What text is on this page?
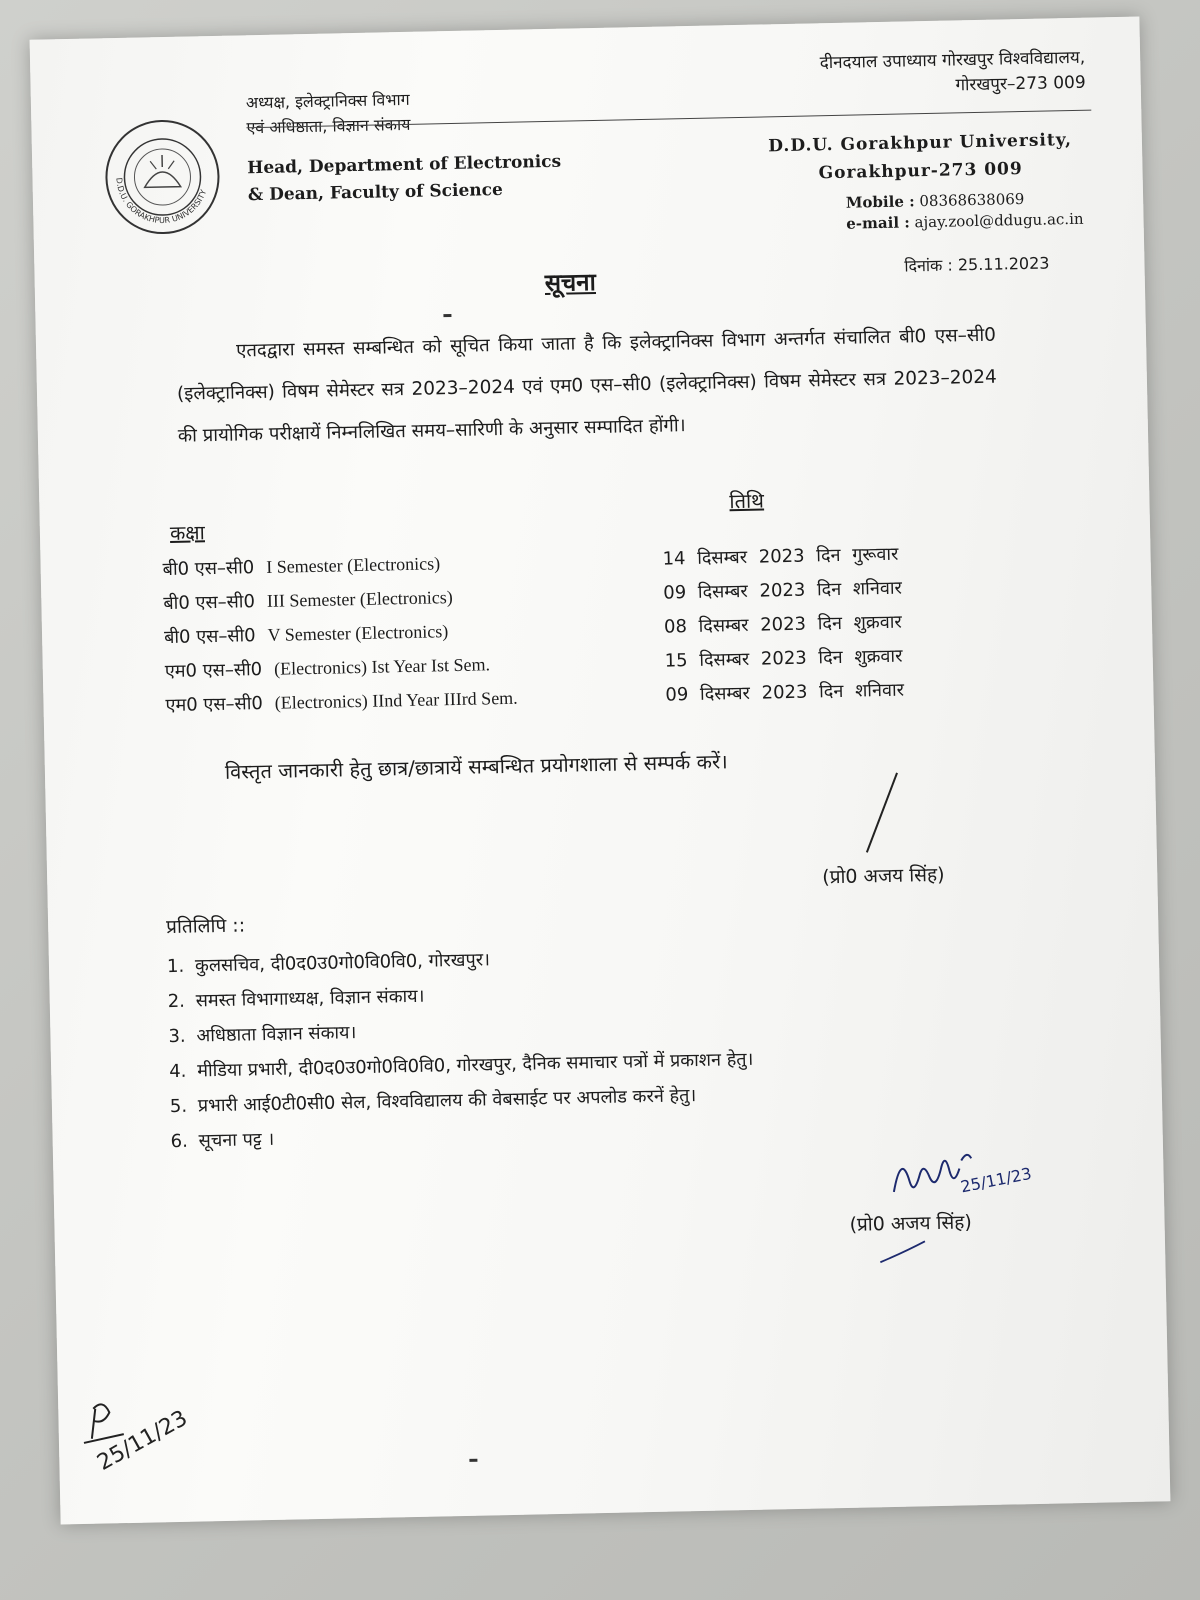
D.D.U. GORAKHPUR UNIVERSITY
अध्यक्ष, इलेक्ट्रानिक्स विभाग
एवं अधिष्ठाता, विज्ञान संकाय
Head, Department of Electronics
& Dean, Faculty of Science
दीनदयाल उपाध्याय गोरखपुर विश्वविद्यालय,
गोरखपुर–273 009
D.D.U. Gorakhpur University,
Gorakhpur-273 009
Mobile : 08368638069
e-mail : ajay.zool@ddugu.ac.in
सूचना
दिनांक : 25.11.2023

एतदद्वारा समस्त सम्बन्धित को सूचित किया जाता है कि इलेक्ट्रानिक्स विभाग अन्तर्गत संचालित बी0 एस–सी0 (इलेक्ट्रानिक्स) विषम सेमेस्टर सत्र 2023–2024 एवं एम0 एस–सी0 (इलेक्ट्रानिक्स) विषम सेमेस्टर सत्र 2023–2024 की प्रायोगिक परीक्षायें निम्नलिखित समय–सारिणी के अनुसार सम्पादित होंगी।

तिथि
कक्षा
बी0 एस–सी0 I Semester (Electronics)	14 दिसम्बर 2023 दिन गुरूवार
बी0 एस–सी0 III Semester (Electronics)	09 दिसम्बर 2023 दिन शनिवार
बी0 एस–सी0 V Semester (Electronics)	08 दिसम्बर 2023 दिन शुक्रवार
एम0 एस–सी0 (Electronics) Ist Year Ist Sem.	15 दिसम्बर 2023 दिन शुक्रवार
एम0 एस–सी0 (Electronics) IInd Year IIIrd Sem.	09 दिसम्बर 2023 दिन शनिवार
विस्तृत जानकारी हेतु छात्र/छात्रायें सम्बन्धित प्रयोगशाला से सम्पर्क करें।
(प्रो0 अजय सिंह)
प्रतिलिपि ::
1. कुलसचिव, दी0द0उ0गो0वि0वि0, गोरखपुर।
2. समस्त विभागाध्यक्ष, विज्ञान संकाय।
3. अधिष्ठाता विज्ञान संकाय।
4. मीडिया प्रभारी, दी0द0उ0गो0वि0वि0, गोरखपुर, दैनिक समाचार पत्रों में प्रकाशन हेतु।
5. प्रभारी आई0टी0सी0 सेल, विश्वविद्यालय की वेबसाईट पर अपलोड करनें हेतु।
6. सूचना पट्ट ।
25/11/23
(प्रो0 अजय सिंह)
25/11/23
